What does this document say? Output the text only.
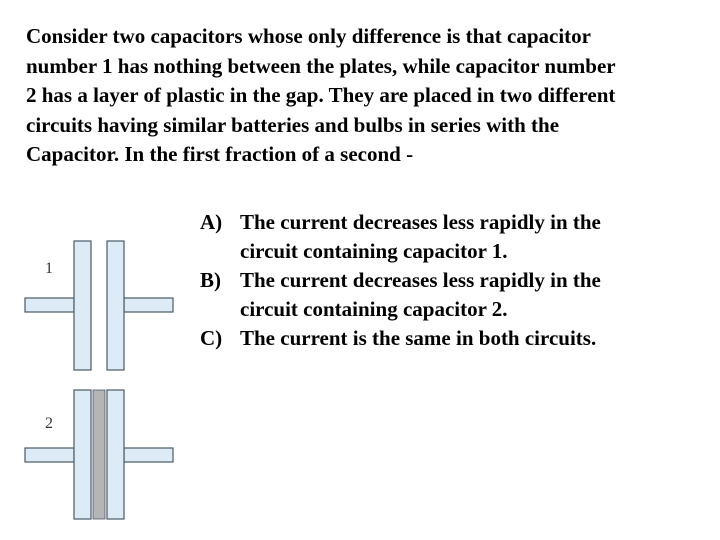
Consider two capacitors whose only difference is that capacitor
number 1 has nothing between the plates, while capacitor number
2 has a layer of plastic in the gap. They are placed in two different
circuits having similar batteries and bulbs in series with the
Capacitor. In the first fraction of a second -
1
2
A) The current decreases less rapidly in the
circuit containing capacitor 1.
B) The current decreases less rapidly in the
circuit containing capacitor 2.
C) The current is the same in both circuits.
